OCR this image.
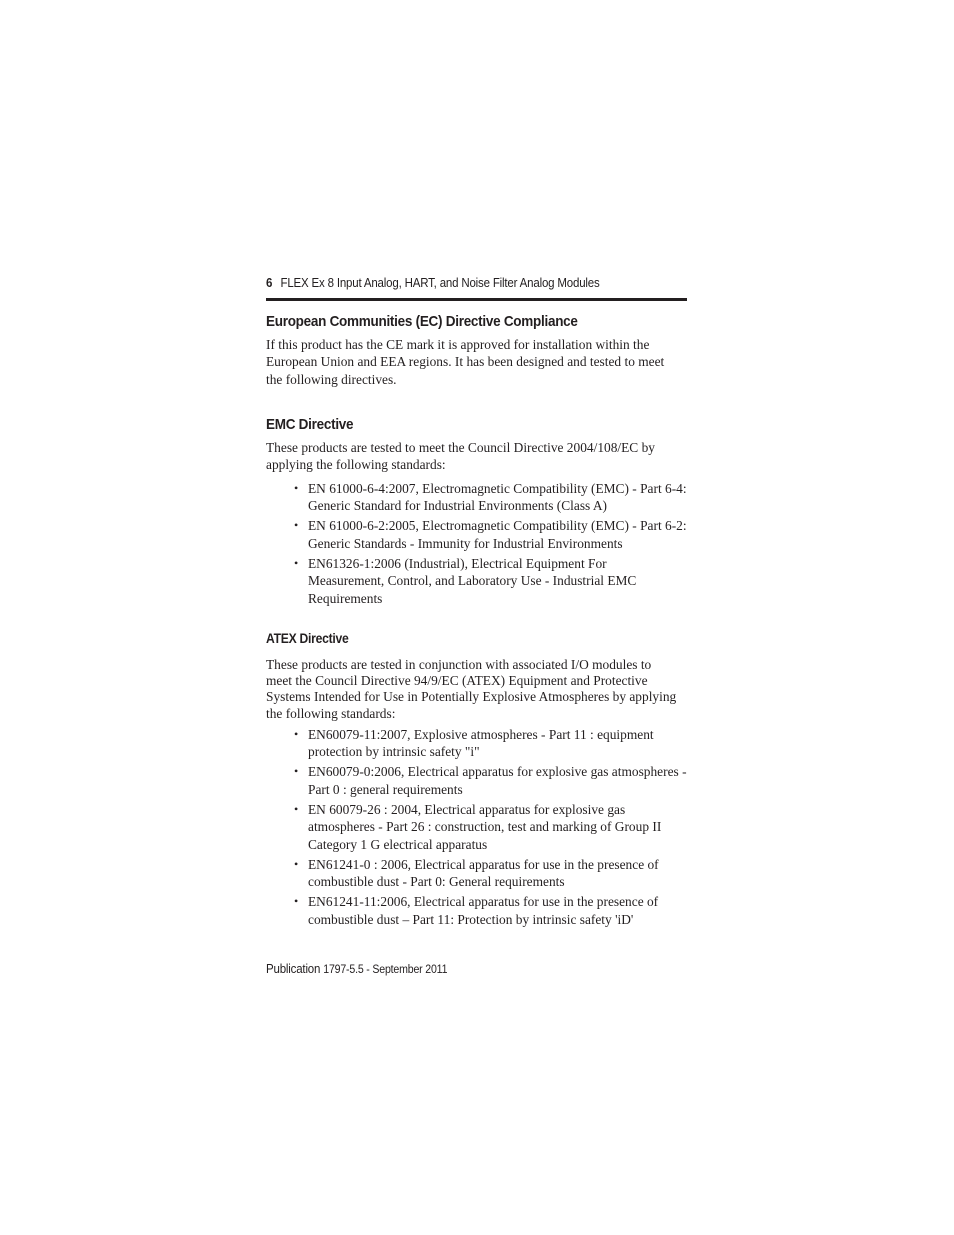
6 FLEX Ex 8 Input Analog, HART, and Noise Filter Analog Modules
European Communities (EC) Directive Compliance
If this product has the CE mark it is approved for installation within the
European Union and EEA regions. It has been designed and tested to meet
the following directives.
EMC Directive
These products are tested to meet the Council Directive 2004/108/EC by
applying the following standards:
• EN 61000-6-4:2007, Electromagnetic Compatibility (EMC) - Part 6-4:
Generic Standard for Industrial Environments (Class A)
• EN 61000-6-2:2005, Electromagnetic Compatibility (EMC) - Part 6-2:
Generic Standards - Immunity for Industrial Environments
• EN61326-1:2006 (Industrial), Electrical Equipment For
Measurement, Control, and Laboratory Use - Industrial EMC
Requirements
ATEX Directive
These products are tested in conjunction with associated I/O modules to
meet the Council Directive 94/9/EC (ATEX) Equipment and Protective
Systems Intended for Use in Potentially Explosive Atmospheres by applying
the following standards:
• EN60079-11:2007, Explosive atmospheres - Part 11 : equipment
protection by intrinsic safety "i"
• EN60079-0:2006, Electrical apparatus for explosive gas atmospheres -
Part 0 : general requirements
• EN 60079-26 : 2004, Electrical apparatus for explosive gas
atmospheres - Part 26 : construction, test and marking of Group II
Category 1 G electrical apparatus
• EN61241-0 : 2006, Electrical apparatus for use in the presence of
combustible dust - Part 0: General requirements
• EN61241-11:2006, Electrical apparatus for use in the presence of
combustible dust – Part 11: Protection by intrinsic safety 'iD'
Publication 1797-5.5 - September 2011
